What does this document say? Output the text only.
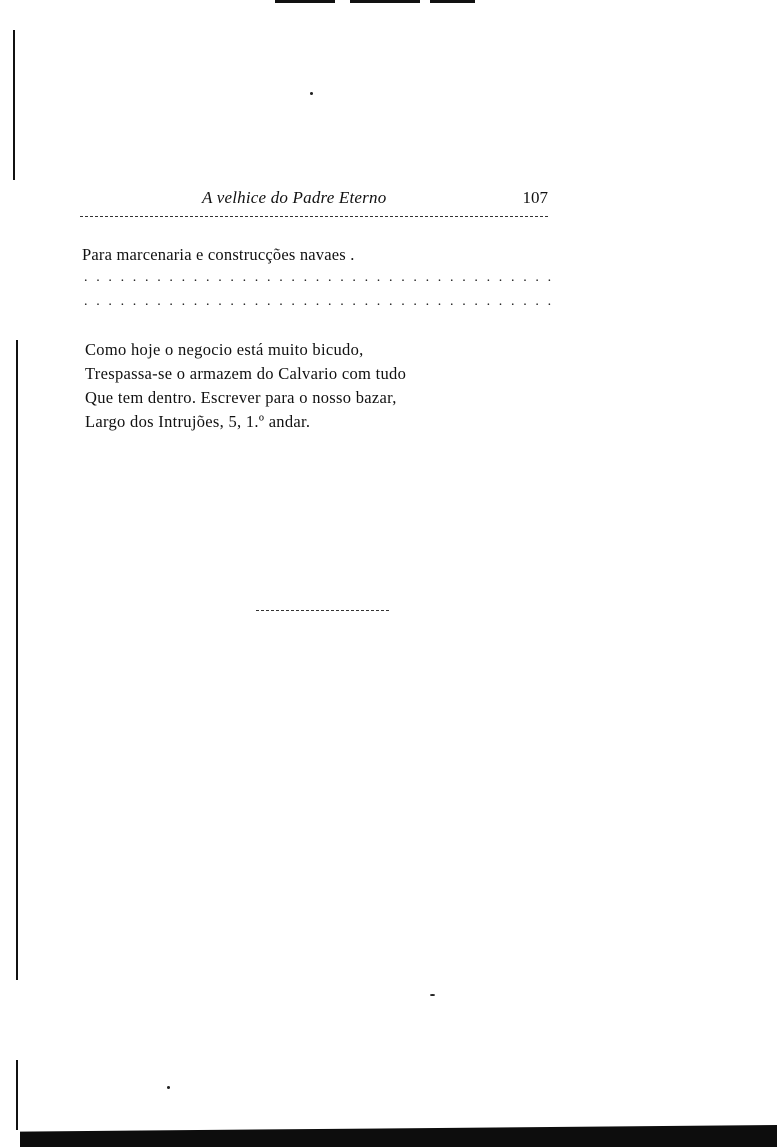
A velhice do Padre Eterno	107
Para marcenaria e construcções navaes .
. . . . . . . . . . . . . . . . . . . . . . . . . . . . . . . . . . . . . . .
. . . . . . . . . . . . . . . . . . . . . . . . . . . . . . . . . . . . . . .
Como hoje o negocio está muito bicudo,
Trespassa-se o armazem do Calvario com tudo
Que tem dentro. Escrever para o nosso bazar,
Largo dos Intrujões, 5, 1.º andar.
